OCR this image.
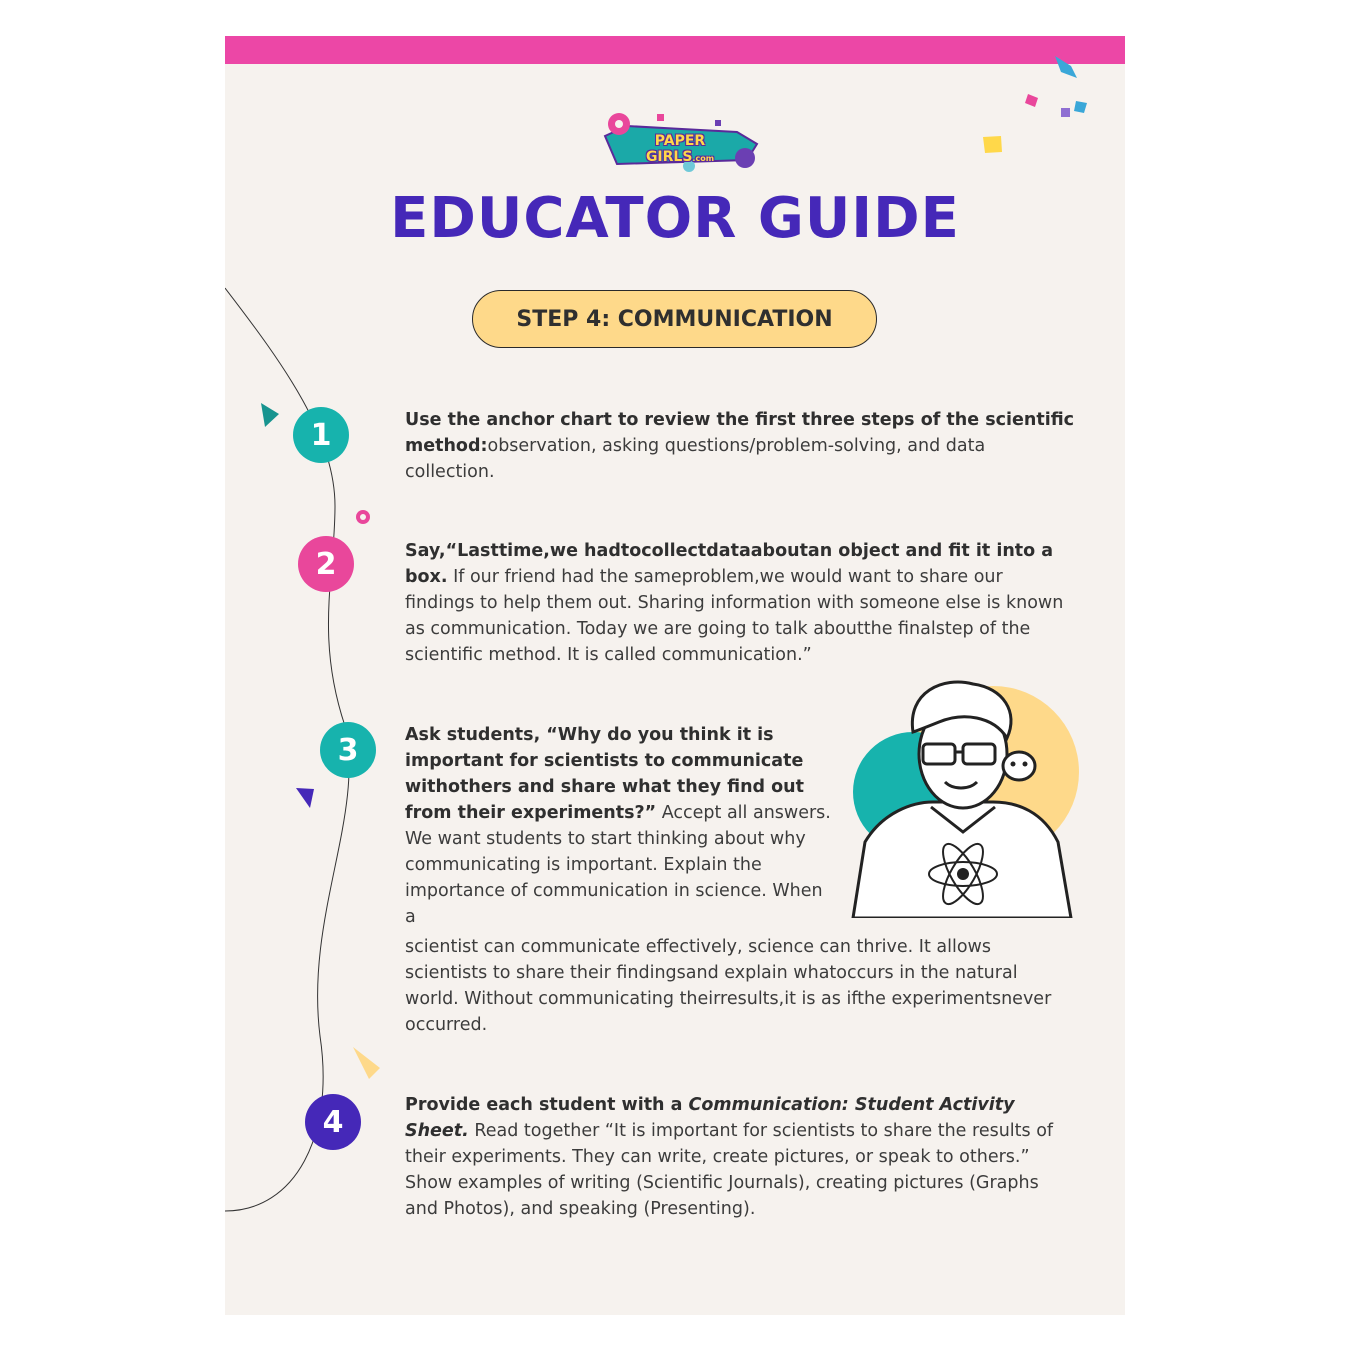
PAPER GIRLS.com
EDUCATOR GUIDE
STEP 4: COMMUNICATION
1	Use the anchor chart to review the first three steps of the scientific method:observation, asking questions/problem-solving, and data collection.
2	Say,“Lasttime,we hadtocollectdataaboutan object and fit it into a box. If our friend had the sameproblem,we would want to share our findings to help them out. Sharing information with someone else is known as communication. Today we are going to talk aboutthe finalstep of the scientific method. It is called communication.”
3	Ask students, “Why do you think it is important for scientists to communicate withothers and share what they find out from their experiments?” Accept all answers. We want students to start thinking about why communicating is important. Explain the importance of communication in science. When a
scientist can communicate effectively, science can thrive. It allows scientists to share their findingsand explain whatoccurs in the natural world. Without communicating theirresults,it is as ifthe experimentsnever occurred.
4	Provide each student with a Communication: Student Activity Sheet. Read together “It is important for scientists to share the results of their experiments. They can write, create pictures, or speak to others.” Show examples of writing (Scientific Journals), creating pictures (Graphs and Photos), and speaking (Presenting).
